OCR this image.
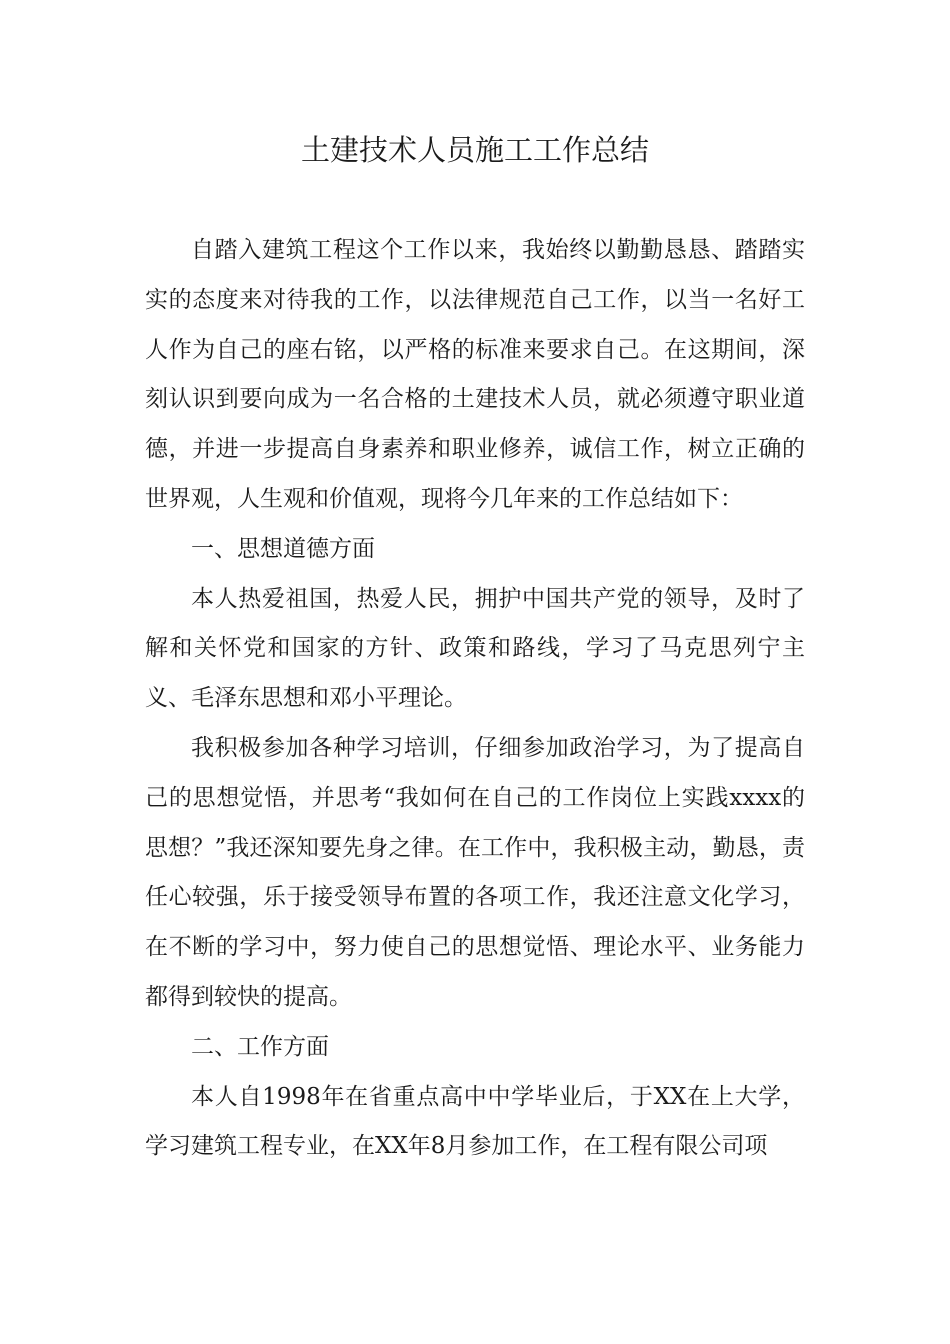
土建技术人员施工工作总结

自踏入建筑工程这个工作以来，我始终以勤勤恳恳、踏踏实实的态度来对待我的工作，以法律规范自己工作，以当一名好工人作为自己的座右铭，以严格的标准来要求自己。在这期间，深刻认识到要向成为一名合格的土建技术人员，就必须遵守职业道德，并进一步提高自身素养和职业修养，诚信工作，树立正确的世界观，人生观和价值观，现将今几年来的工作总结如下：

一、思想道德方面

本人热爱祖国，热爱人民，拥护中国共产党的领导，及时了解和关怀党和国家的方针、政策和路线，学习了马克思列宁主义、毛泽东思想和邓小平理论。

我积极参加各种学习培训，仔细参加政治学习，为了提高自己的思想觉悟，并思考“我如何在自己的工作岗位上实践xxxx的思想？”我还深知要先身之律。在工作中，我积极主动，勤恳，责任心较强，乐于接受领导布置的各项工作，我还注意文化学习，在不断的学习中，努力使自己的思想觉悟、理论水平、业务能力都得到较快的提高。

二、工作方面

本人自1998年在省重点高中中学毕业后，于XX在上大学，学习建筑工程专业，在XX年8月参加工作，在工程有限公司项
